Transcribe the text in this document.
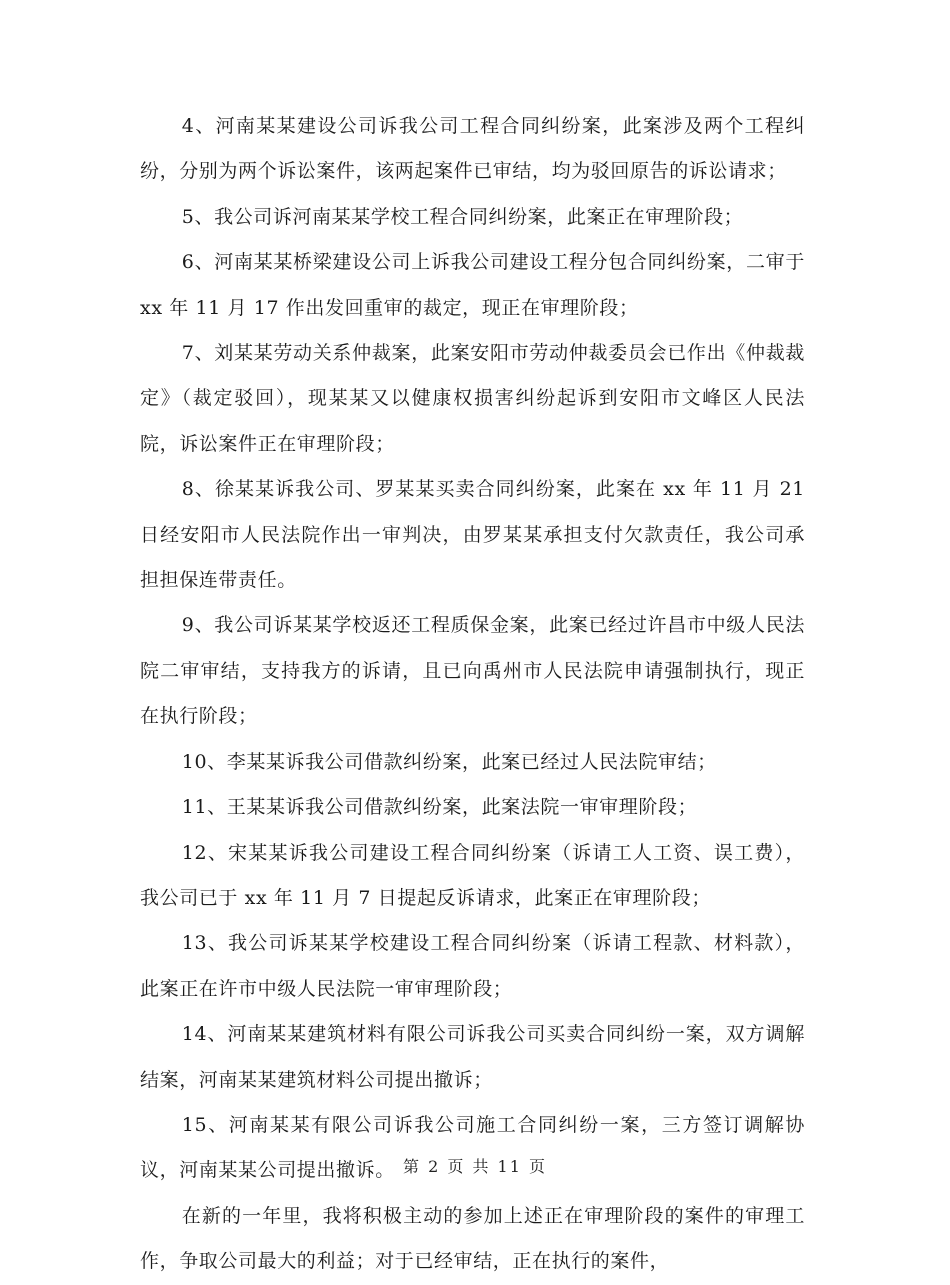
4、河南某某建设公司诉我公司工程合同纠纷案，此案涉及两个工程纠纷，分别为两个诉讼案件，该两起案件已审结，均为驳回原告的诉讼请求；

5、我公司诉河南某某学校工程合同纠纷案，此案正在审理阶段；

6、河南某某桥梁建设公司上诉我公司建设工程分包合同纠纷案，二审于 xx 年 11 月 17 作出发回重审的裁定，现正在审理阶段；

7、刘某某劳动关系仲裁案，此案安阳市劳动仲裁委员会已作出《仲裁裁定》（裁定驳回），现某某又以健康权损害纠纷起诉到安阳市文峰区人民法院，诉讼案件正在审理阶段；

8、徐某某诉我公司、罗某某买卖合同纠纷案，此案在 xx 年 11 月 21 日经安阳市人民法院作出一审判决，由罗某某承担支付欠款责任，我公司承担担保连带责任。

9、我公司诉某某学校返还工程质保金案，此案已经过许昌市中级人民法院二审审结，支持我方的诉请，且已向禹州市人民法院申请强制执行，现正在执行阶段；

10、李某某诉我公司借款纠纷案，此案已经过人民法院审结；

11、王某某诉我公司借款纠纷案，此案法院一审审理阶段；

12、宋某某诉我公司建设工程合同纠纷案（诉请工人工资、误工费），我公司已于 xx 年 11 月 7 日提起反诉请求，此案正在审理阶段；

13、我公司诉某某学校建设工程合同纠纷案（诉请工程款、材料款），此案正在许市中级人民法院一审审理阶段；

14、河南某某建筑材料有限公司诉我公司买卖合同纠纷一案，双方调解结案，河南某某建筑材料公司提出撤诉；

15、河南某某有限公司诉我公司施工合同纠纷一案，三方签订调解协议，河南某某公司提出撤诉。

在新的一年里，我将积极主动的参加上述正在审理阶段的案件的审理工作，争取公司最大的利益；对于已经审结，正在执行的案件，

第 2 页 共 11 页
